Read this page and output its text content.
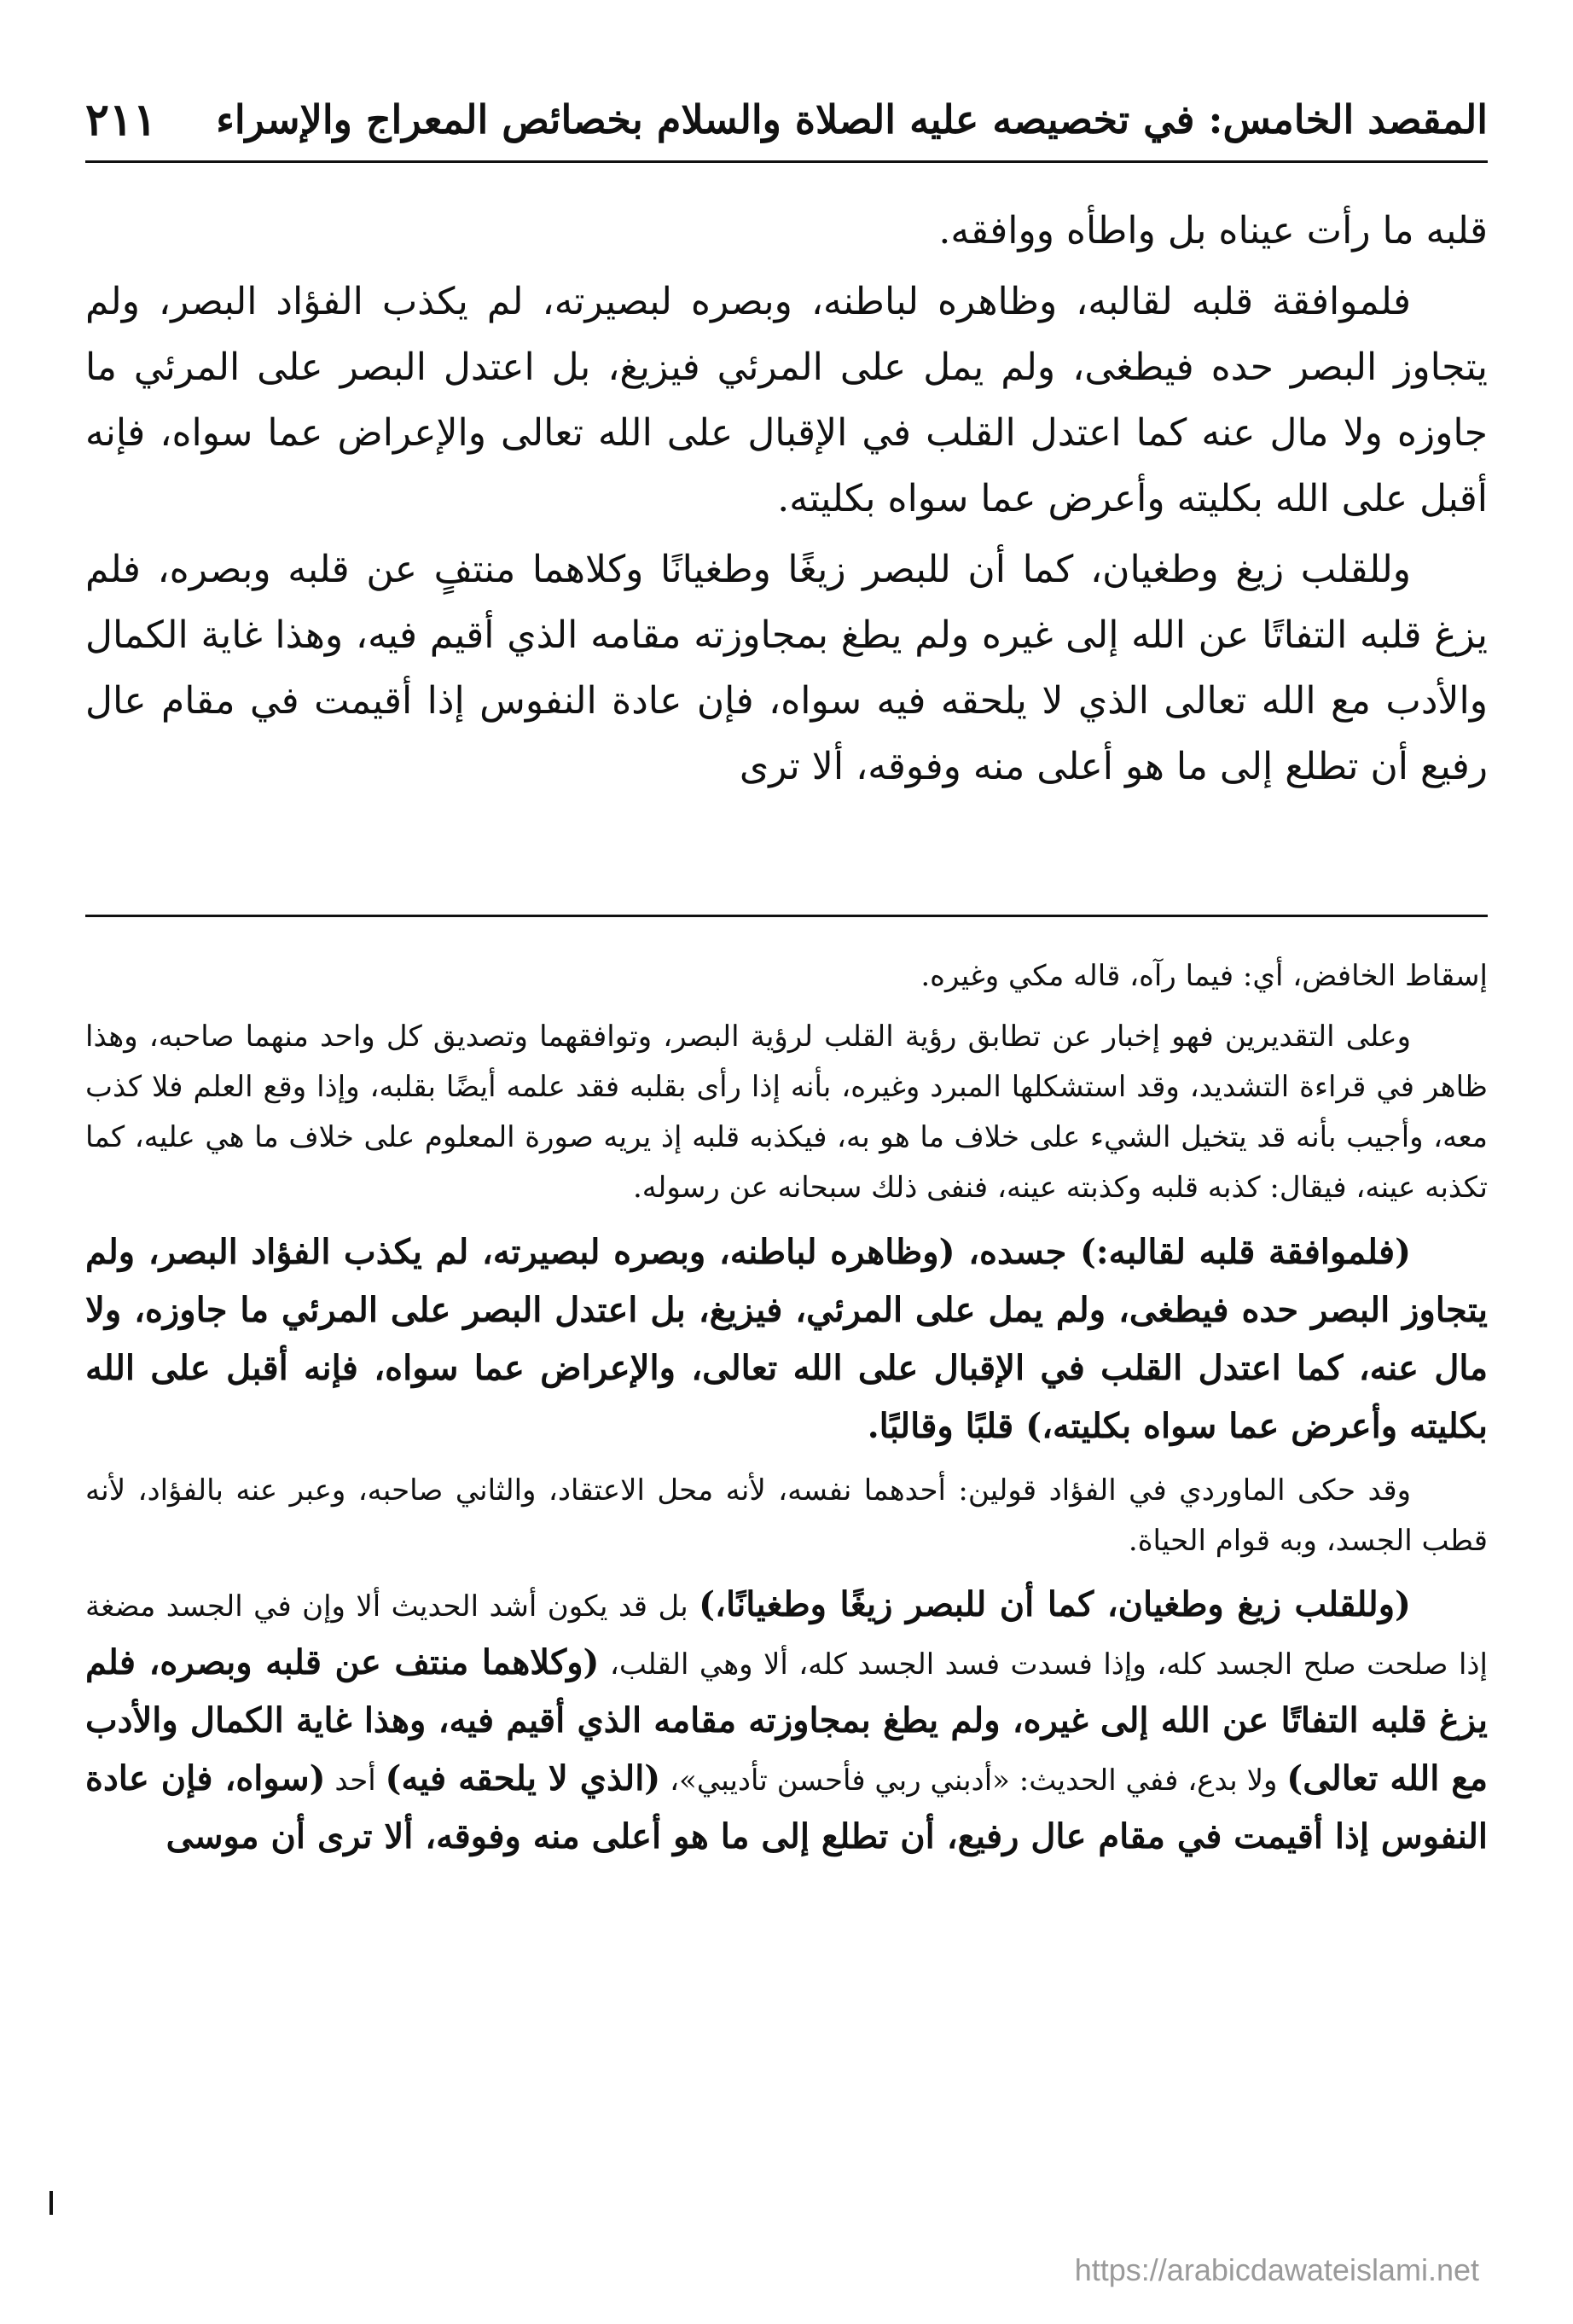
المقصد الخامس: في تخصيصه عليه الصلاة والسلام بخصائص المعراج والإسراء
٢١١

قلبه ما رأت عيناه بل واطأه ووافقه.

فلموافقة قلبه لقالبه، وظاهره لباطنه، وبصره لبصيرته، لم يكذب الفؤاد البصر، ولم يتجاوز البصر حده فيطغى، ولم يمل على المرئي فيزيغ، بل اعتدل البصر على المرئي ما جاوزه ولا مال عنه كما اعتدل القلب في الإقبال على الله تعالى والإعراض عما سواه، فإنه أقبل على الله بكليته وأعرض عما سواه بكليته.

وللقلب زيغ وطغيان، كما أن للبصر زيغًا وطغيانًا وكلاهما منتفٍ عن قلبه وبصره، فلم يزغ قلبه التفاتًا عن الله إلى غيره ولم يطغ بمجاوزته مقامه الذي أقيم فيه، وهذا غاية الكمال والأدب مع الله تعالى الذي لا يلحقه فيه سواه، فإن عادة النفوس إذا أقيمت في مقام عال رفيع أن تطلع إلى ما هو أعلى منه وفوقه، ألا ترى

إسقاط الخافض، أي: فيما رآه، قاله مكي وغيره.

وعلى التقديرين فهو إخبار عن تطابق رؤية القلب لرؤية البصر، وتوافقهما وتصديق كل واحد منهما صاحبه، وهذا ظاهر في قراءة التشديد، وقد استشكلها المبرد وغيره، بأنه إذا رأى بقلبه فقد علمه أيضًا بقلبه، وإذا وقع العلم فلا كذب معه، وأجيب بأنه قد يتخيل الشيء على خلاف ما هو به، فيكذبه قلبه إذ يريه صورة المعلوم على خلاف ما هي عليه، كما تكذبه عينه، فيقال: كذبه قلبه وكذبته عينه، فنفى ذلك سبحانه عن رسوله.

(فلموافقة قلبه لقالبه:) جسده، (وظاهره لباطنه، وبصره لبصيرته، لم يكذب الفؤاد البصر، ولم يتجاوز البصر حده فيطغى، ولم يمل على المرئي، فيزيغ، بل اعتدل البصر على المرئي ما جاوزه، ولا مال عنه، كما اعتدل القلب في الإقبال على الله تعالى، والإعراض عما سواه، فإنه أقبل على الله بكليته وأعرض عما سواه بكليته،) قلبًا وقالبًا.

وقد حكى الماوردي في الفؤاد قولين: أحدهما نفسه، لأنه محل الاعتقاد، والثاني صاحبه، وعبر عنه بالفؤاد، لأنه قطب الجسد، وبه قوام الحياة.

(وللقلب زيغ وطغيان، كما أن للبصر زيغًا وطغيانًا،) بل قد يكون أشد الحديث ألا وإن في الجسد مضغة إذا صلحت صلح الجسد كله، وإذا فسدت فسد الجسد كله، ألا وهي القلب، (وكلاهما منتف عن قلبه وبصره، فلم يزغ قلبه التفاتًا عن الله إلى غيره، ولم يطغ بمجاوزته مقامه الذي أقيم فيه، وهذا غاية الكمال والأدب مع الله تعالى) ولا بدع، ففي الحديث: «أدبني ربي فأحسن تأديبي»، (الذي لا يلحقه فيه) أحد (سواه، فإن عادة النفوس إذا أقيمت في مقام عال رفيع، أن تطلع إلى ما هو أعلى منه وفوقه، ألا ترى أن موسى

https://arabicdawateislami.net
